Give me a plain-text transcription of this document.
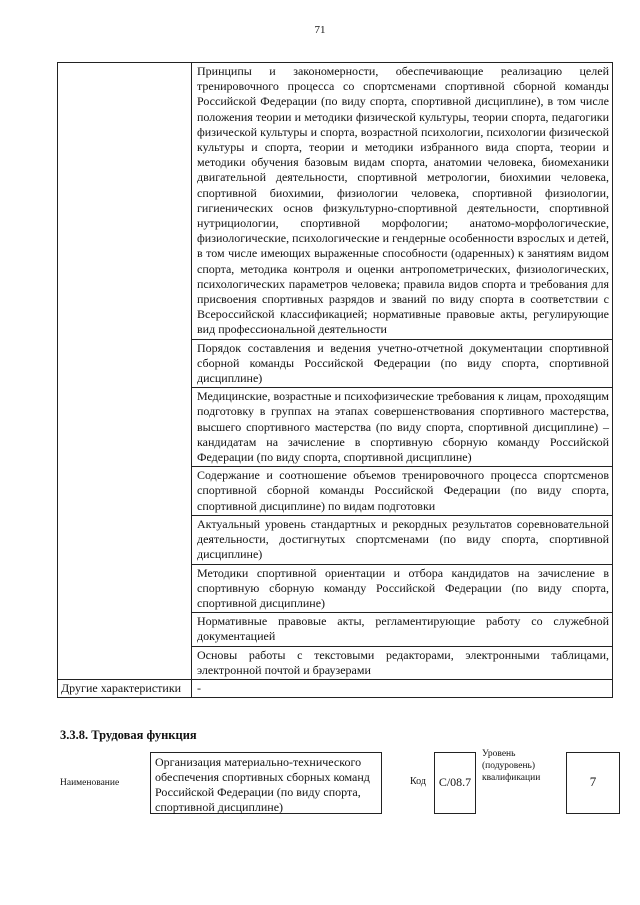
71
	Принципы и закономерности, обеспечивающие реализацию целей тренировочного процесса со спортсменами спортивной сборной команды Российской Федерации (по виду спорта, спортивной дисциплине), в том числе положения теории и методики физической культуры, теории спорта, педагогики физической культуры и спорта, возрастной психологии, психологии физической культуры и спорта, теории и методики избранного вида спорта, теории и методики обучения базовым видам спорта, анатомии человека, биомеханики двигательной деятельности, спортивной метрологии, биохимии человека, спортивной биохимии, физиологии человека, спортивной физиологии, гигиенических основ физкультурно-спортивной деятельности, спортивной нутрициологии, спортивной морфологии; анатомо-морфологические, физиологические, психологические и гендерные особенности взрослых и детей, в том числе имеющих выраженные способности (одаренных) к занятиям видом спорта, методика контроля и оценки антропометрических, физиологических, психологических параметров человека; правила видов спорта и требования для присвоения спортивных разрядов и званий по виду спорта в соответствии с Всероссийской классификацией; нормативные правовые акты, регулирующие вид профессиональной деятельности
	Порядок составления и ведения учетно-отчетной документации спортивной сборной команды Российской Федерации (по виду спорта, спортивной дисциплине)
	Медицинские, возрастные и психофизические требования к лицам, проходящим подготовку в группах на этапах совершенствования спортивного мастерства, высшего спортивного мастерства (по виду спорта, спортивной дисциплине) – кандидатам на зачисление в спортивную сборную команду Российской Федерации (по виду спорта, спортивной дисциплине)
	Содержание и соотношение объемов тренировочного процесса спортсменов спортивной сборной команды Российской Федерации (по виду спорта, спортивной дисциплине) по видам подготовки
	Актуальный уровень стандартных и рекордных результатов соревновательной деятельности, достигнутых спортсменами (по виду спорта, спортивной дисциплине)
	Методики спортивной ориентации и отбора кандидатов на зачисление в спортивную сборную команду Российской Федерации (по виду спорта, спортивной дисциплине)
	Нормативные правовые акты, регламентирующие работу со служебной документацией
	Основы работы с текстовыми редакторами, электронными таблицами, электронной почтой и браузерами
Другие характеристики	-
3.3.8. Трудовая функция
Наименование
Организация материально-технического обеспечения спортивных сборных команд Российской Федерации (по виду спорта, спортивной дисциплине)
Код	C/08.7
Уровень (подуровень) квалификации	7
